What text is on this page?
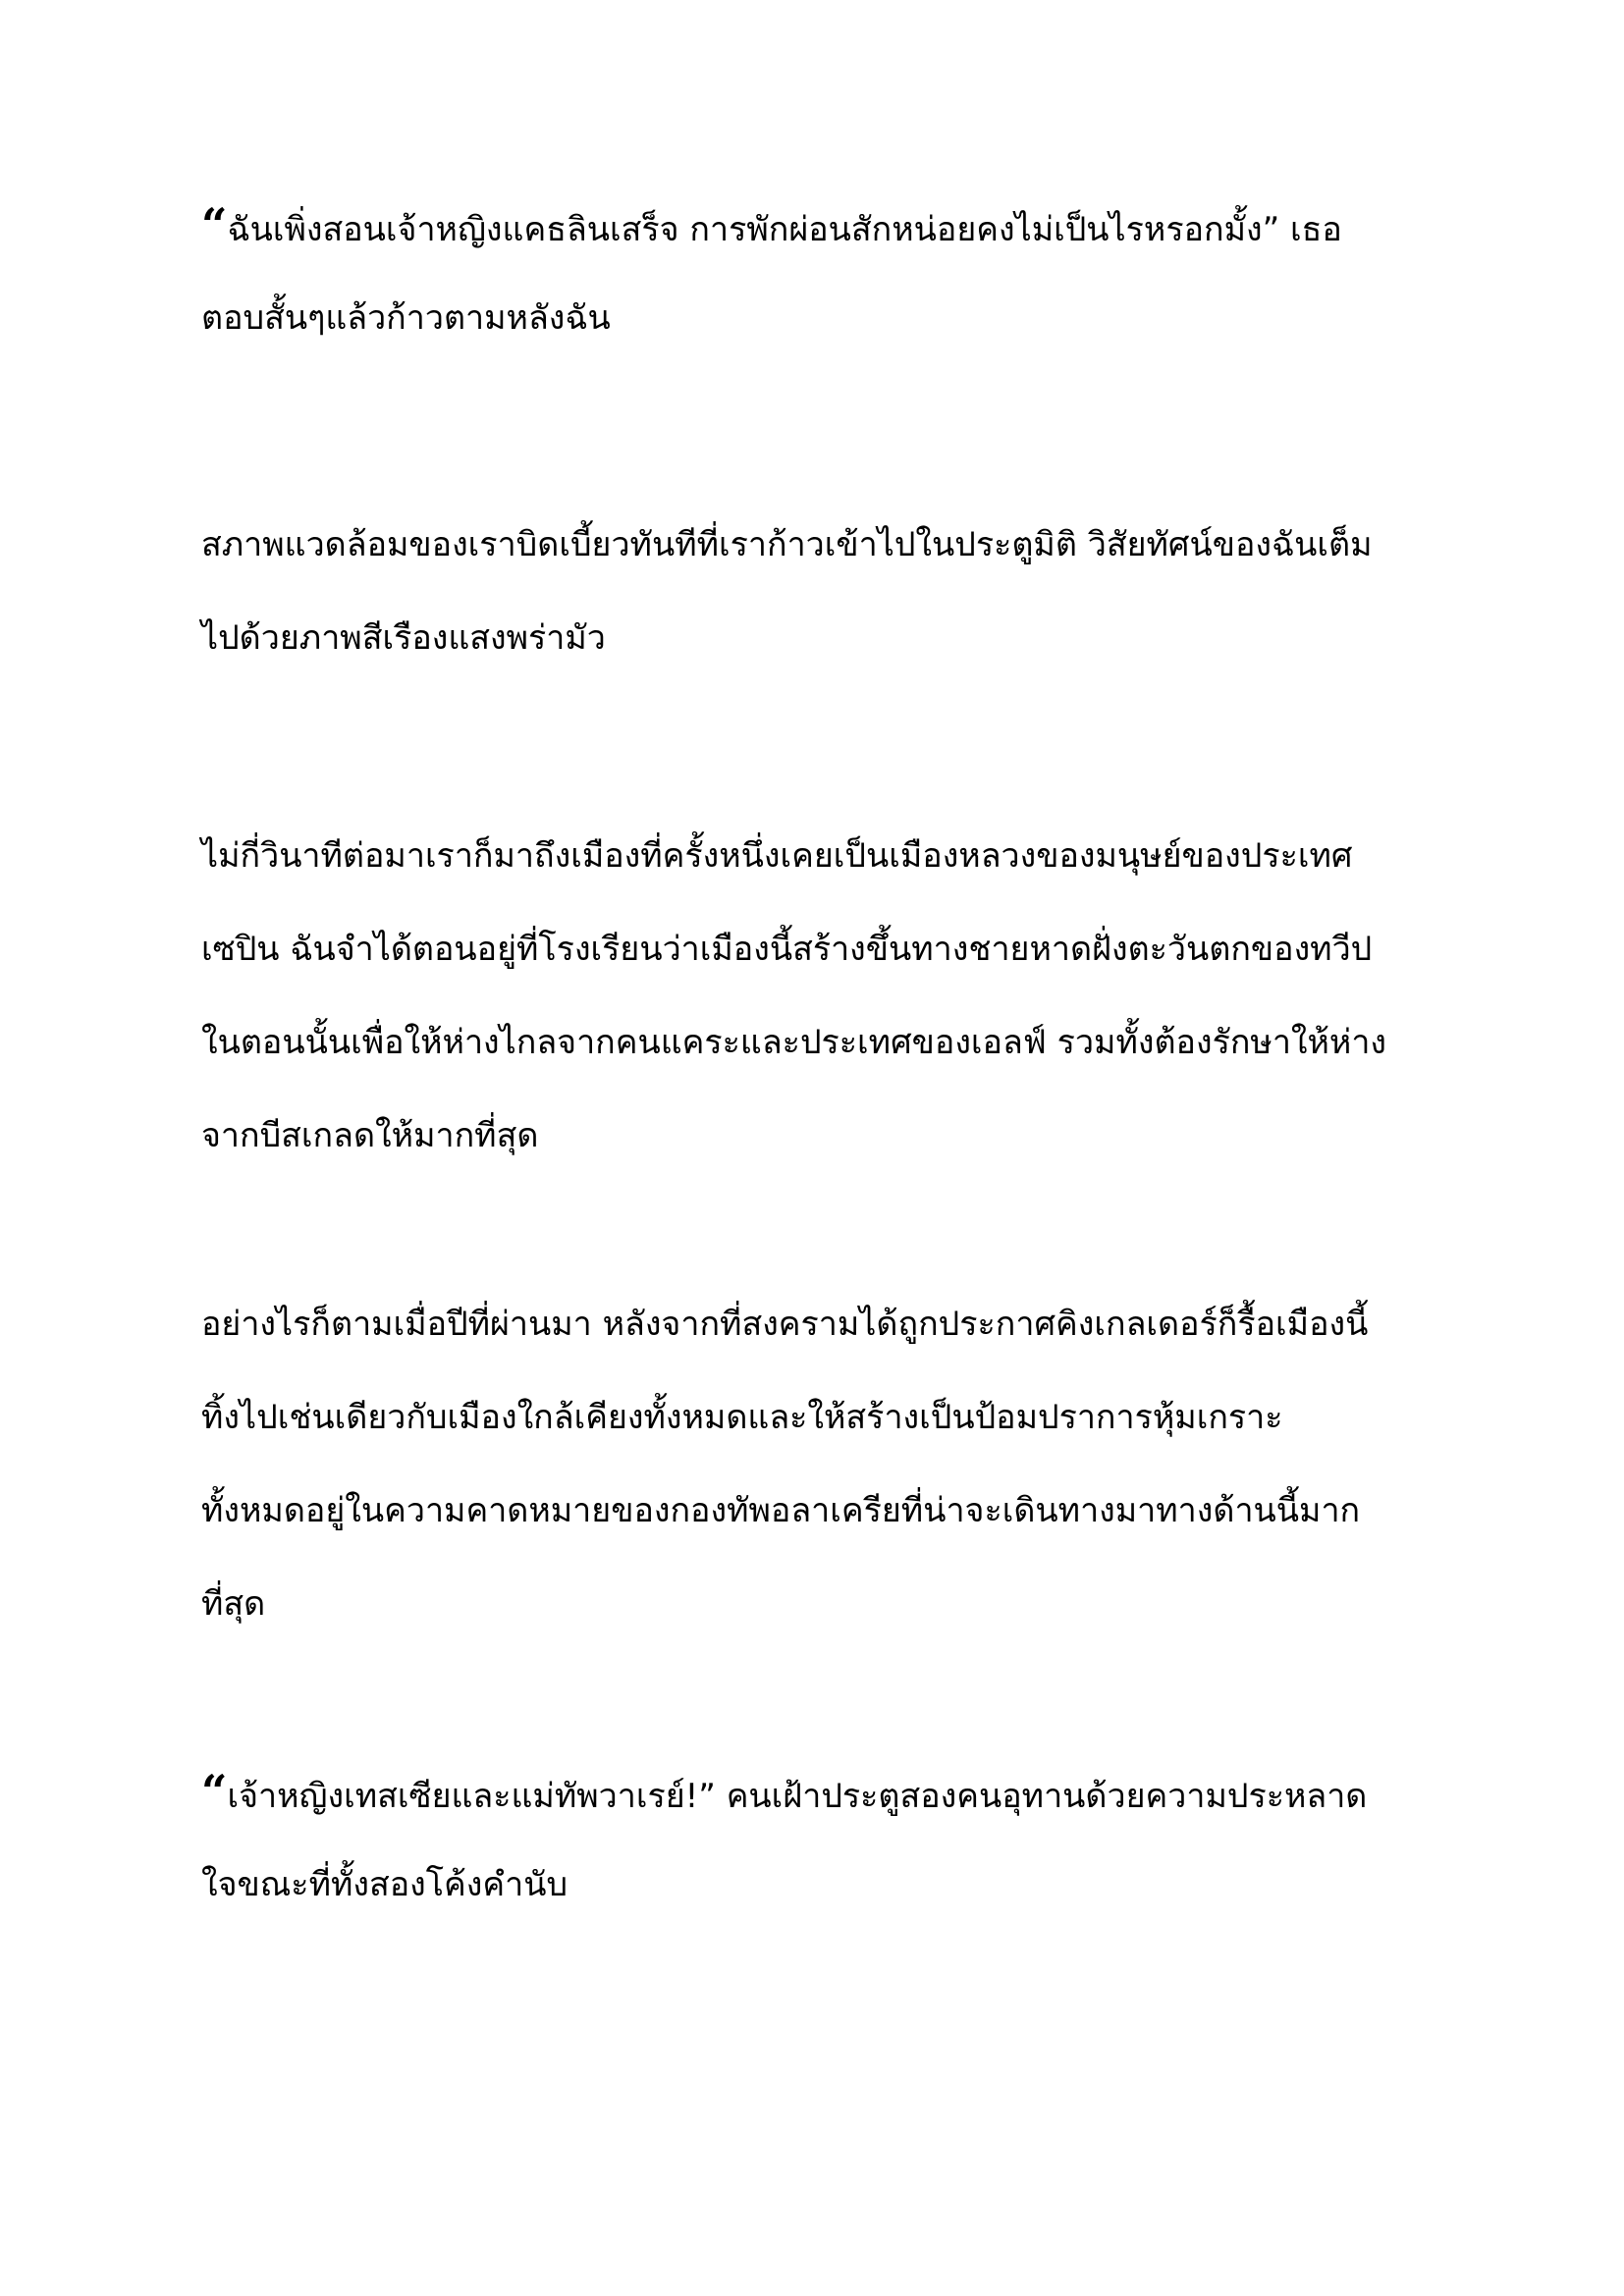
“ฉันเพิ่งสอนเจ้าหญิงแคธลินเสร็จ การพักผ่อนสักหน่อยคงไม่เป็นไรหรอกมั้ง” เธอ
ตอบสั้นๆแล้วก้าวตามหลังฉัน
สภาพแวดล้อมของเราบิดเบี้ยวทันทีที่เราก้าวเข้าไปในประตูมิติ วิสัยทัศน์ของฉันเต็ม
ไปด้วยภาพสีเรืองแสงพร่ามัว
ไม่กี่วินาทีต่อมาเราก็มาถึงเมืองที่ครั้งหนึ่งเคยเป็นเมืองหลวงของมนุษย์ของประเทศ
เซปิน ฉันจำได้ตอนอยู่ที่โรงเรียนว่าเมืองนี้สร้างขึ้นทางชายหาดฝั่งตะวันตกของทวีป
ในตอนนั้นเพื่อให้ห่างไกลจากคนแคระและประเทศของเอลฟ์ รวมทั้งต้องรักษาให้ห่าง
จากบีสเกลดให้มากที่สุด
อย่างไรก็ตามเมื่อปีที่ผ่านมา หลังจากที่สงครามได้ถูกประกาศคิงเกลเดอร์ก็รื้อเมืองนี้
ทิ้งไปเช่นเดียวกับเมืองใกล้เคียงทั้งหมดและให้สร้างเป็นป้อมปราการหุ้มเกราะ
ทั้งหมดอยู่ในความคาดหมายของกองทัพอลาเครียที่น่าจะเดินทางมาทางด้านนี้มาก
ที่สุด
“เจ้าหญิงเทสเซียและแม่ทัพวาเรย์!” คนเฝ้าประตูสองคนอุทานด้วยความประหลาด
ใจขณะที่ทั้งสองโค้งคำนับ
